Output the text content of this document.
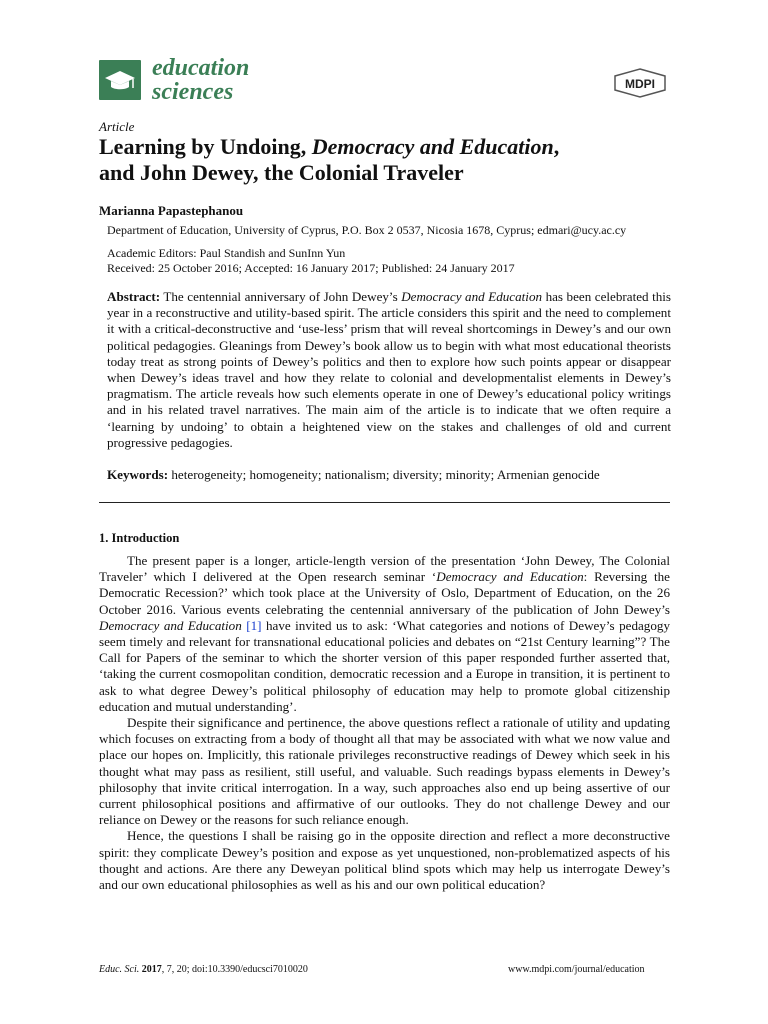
education
sciences	MDPI
Article
Learning by Undoing, Democracy and Education,
and John Dewey, the Colonial Traveler
Marianna Papastephanou
Department of Education, University of Cyprus, P.O. Box 2 0537, Nicosia 1678, Cyprus; edmari@ucy.ac.cy
Academic Editors: Paul Standish and SunInn Yun
Received: 25 October 2016; Accepted: 16 January 2017; Published: 24 January 2017
Abstract: The centennial anniversary of John Dewey’s Democracy and Education has been celebrated this year in a reconstructive and utility-based spirit. The article considers this spirit and the need to complement it with a critical-deconstructive and ‘use-less’ prism that will reveal shortcomings in Dewey’s and our own political pedagogies. Gleanings from Dewey’s book allow us to begin with what most educational theorists today treat as strong points of Dewey’s politics and then to explore how such points appear or disappear when Dewey’s ideas travel and how they relate to colonial and developmentalist elements in Dewey’s pragmatism. The article reveals how such elements operate in one of Dewey’s educational policy writings and in his related travel narratives. The main aim of the article is to indicate that we often require a ‘learning by undoing’ to obtain a heightened view on the stakes and challenges of old and current progressive pedagogies.
Keywords: heterogeneity; homogeneity; nationalism; diversity; minority; Armenian genocide
1. Introduction

The present paper is a longer, article-length version of the presentation ‘John Dewey, The Colonial Traveler’ which I delivered at the Open research seminar ‘Democracy and Education: Reversing the Democratic Recession?’ which took place at the University of Oslo, Department of Education, on the 26 October 2016. Various events celebrating the centennial anniversary of the publication of John Dewey’s Democracy and Education [1] have invited us to ask: ‘What categories and notions of Dewey’s pedagogy seem timely and relevant for transnational educational policies and debates on “21st Century learning”? The Call for Papers of the seminar to which the shorter version of this paper responded further asserted that, ‘taking the current cosmopolitan condition, democratic recession and a Europe in transition, it is pertinent to ask to what degree Dewey’s political philosophy of education may help to promote global citizenship education and mutual understanding’.

Despite their significance and pertinence, the above questions reflect a rationale of utility and updating which focuses on extracting from a body of thought all that may be associated with what we now value and place our hopes on. Implicitly, this rationale privileges reconstructive readings of Dewey which seek in his thought what may pass as resilient, still useful, and valuable. Such readings bypass elements in Dewey’s philosophy that invite critical interrogation. In a way, such approaches also end up being assertive of our current philosophical positions and affirmative of our outlooks. They do not challenge Dewey and our reliance on Dewey or the reasons for such reliance enough.

Hence, the questions I shall be raising go in the opposite direction and reflect a more deconstructive spirit: they complicate Dewey’s position and expose as yet unquestioned, non-problematized aspects of his thought and actions. Are there any Deweyan political blind spots which may help us interrogate Dewey’s and our own educational philosophies as well as his and our own political education?

Educ. Sci. 2017, 7, 20; doi:10.3390/educsci7010020	www.mdpi.com/journal/education
